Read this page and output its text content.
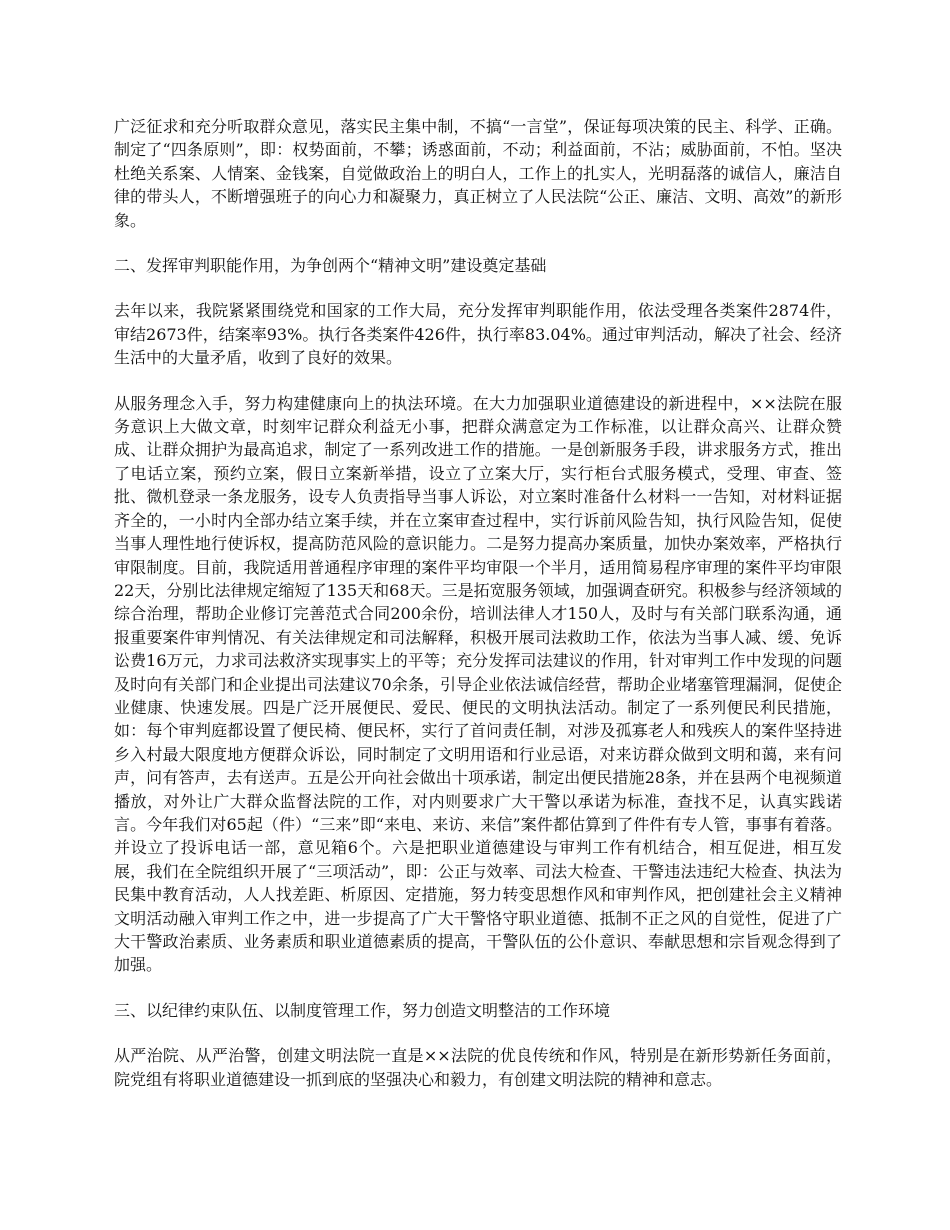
广泛征求和充分听取群众意见，落实民主集中制，不搞“一言堂”，保证每项决策的民主、科学、正确。制定了“四条原则”，即：权势面前，不攀；诱惑面前，不动；利益面前，不沾；威胁面前，不怕。坚决杜绝关系案、人情案、金钱案，自觉做政治上的明白人，工作上的扎实人，光明磊落的诚信人，廉洁自律的带头人，不断增强班子的向心力和凝聚力，真正树立了人民法院“公正、廉洁、文明、高效”的新形象。

二、发挥审判职能作用，为争创两个“精神文明”建设奠定基础

去年以来，我院紧紧围绕党和国家的工作大局，充分发挥审判职能作用，依法受理各类案件2874件，审结2673件，结案率93%。执行各类案件426件，执行率83.04%。通过审判活动，解决了社会、经济生活中的大量矛盾，收到了良好的效果。

从服务理念入手，努力构建健康向上的执法环境。在大力加强职业道德建设的新进程中，××法院在服务意识上大做文章，时刻牢记群众利益无小事，把群众满意定为工作标准，以让群众高兴、让群众赞成、让群众拥护为最高追求，制定了一系列改进工作的措施。一是创新服务手段，讲求服务方式，推出了电话立案，预约立案，假日立案新举措，设立了立案大厅，实行柜台式服务模式，受理、审查、签批、微机登录一条龙服务，设专人负责指导当事人诉讼，对立案时准备什么材料一一告知，对材料证据齐全的，一小时内全部办结立案手续，并在立案审查过程中，实行诉前风险告知，执行风险告知，促使当事人理性地行使诉权，提高防范风险的意识能力。二是努力提高办案质量，加快办案效率，严格执行审限制度。目前，我院适用普通程序审理的案件平均审限一个半月，适用简易程序审理的案件平均审限22天，分别比法律规定缩短了135天和68天。三是拓宽服务领域，加强调查研究。积极参与经济领域的综合治理，帮助企业修订完善范式合同200余份，培训法律人才150人，及时与有关部门联系沟通，通报重要案件审判情况、有关法律规定和司法解释，积极开展司法救助工作，依法为当事人减、缓、免诉讼费16万元，力求司法救济实现事实上的平等；充分发挥司法建议的作用，针对审判工作中发现的问题及时向有关部门和企业提出司法建议70余条，引导企业依法诚信经营，帮助企业堵塞管理漏洞，促使企业健康、快速发展。四是广泛开展便民、爱民、便民的文明执法活动。制定了一系列便民利民措施，如：每个审判庭都设置了便民椅、便民杯，实行了首问责任制，对涉及孤寡老人和残疾人的案件坚持进乡入村最大限度地方便群众诉讼，同时制定了文明用语和行业忌语，对来访群众做到文明和蔼，来有问声，问有答声，去有送声。五是公开向社会做出十项承诺，制定出便民措施28条，并在县两个电视频道播放，对外让广大群众监督法院的工作，对内则要求广大干警以承诺为标准，查找不足，认真实践诺言。今年我们对65起（件）“三来”即“来电、来访、来信”案件都估算到了件件有专人管，事事有着落。并设立了投诉电话一部，意见箱6个。六是把职业道德建设与审判工作有机结合，相互促进，相互发展，我们在全院组织开展了“三项活动”，即：公正与效率、司法大检查、干警违法违纪大检查、执法为民集中教育活动，人人找差距、析原因、定措施，努力转变思想作风和审判作风，把创建社会主义精神文明活动融入审判工作之中，进一步提高了广大干警恪守职业道德、抵制不正之风的自觉性，促进了广大干警政治素质、业务素质和职业道德素质的提高，干警队伍的公仆意识、奉献思想和宗旨观念得到了加强。

三、以纪律约束队伍、以制度管理工作，努力创造文明整洁的工作环境

从严治院、从严治警，创建文明法院一直是××法院的优良传统和作风，特别是在新形势新任务面前，院党组有将职业道德建设一抓到底的坚强决心和毅力，有创建文明法院的精神和意志。
